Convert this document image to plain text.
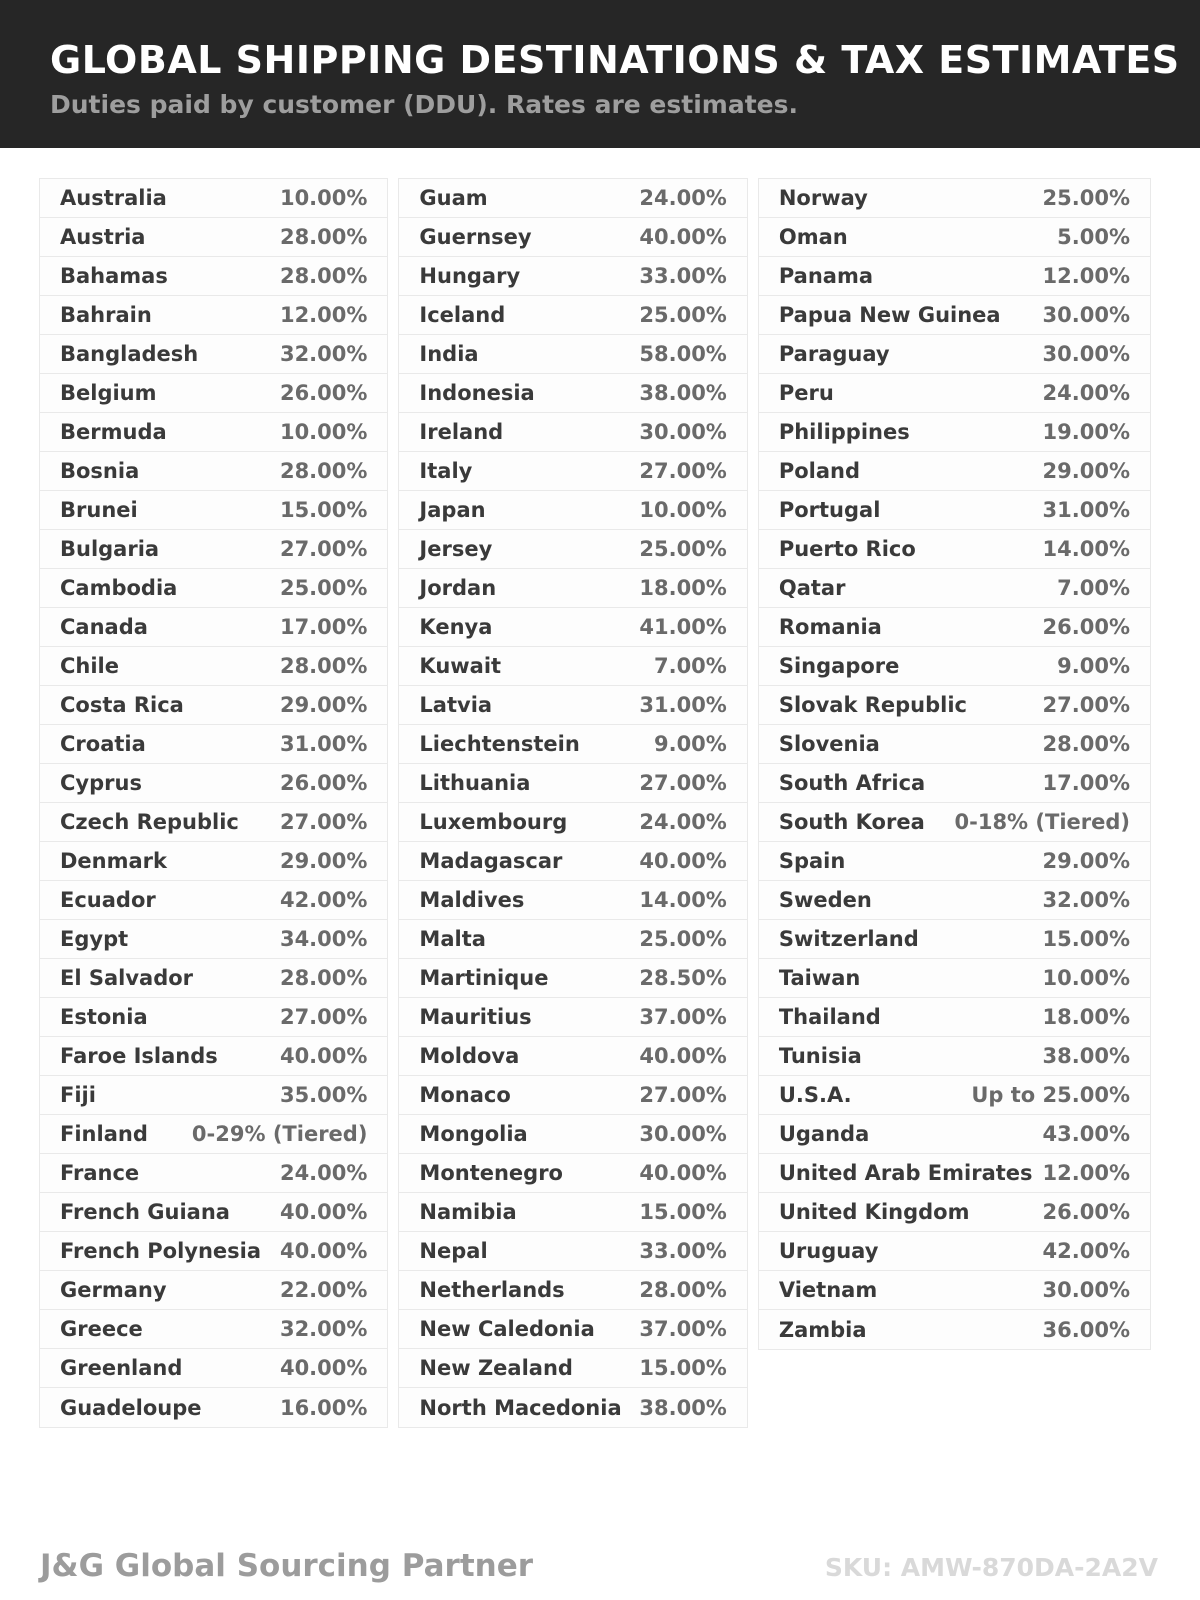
GLOBAL SHIPPING DESTINATIONS & TAX ESTIMATES
Duties paid by customer (DDU). Rates are estimates.
Australia	10.00%
Austria	28.00%
Bahamas	28.00%
Bahrain	12.00%
Bangladesh	32.00%
Belgium	26.00%
Bermuda	10.00%
Bosnia	28.00%
Brunei	15.00%
Bulgaria	27.00%
Cambodia	25.00%
Canada	17.00%
Chile	28.00%
Costa Rica	29.00%
Croatia	31.00%
Cyprus	26.00%
Czech Republic 27.00%
Denmark	29.00%
Ecuador	42.00%
Egypt	34.00%
El Salvador	28.00%
Estonia	27.00%
Faroe Islands	40.00%
Fiji	35.00%
Finland 0-29% (Tiered)
France	24.00%
French Guiana 40.00%
French Polynesia 40.00%
Germany	22.00%
Greece	32.00%
Greenland	40.00%
Guadeloupe	16.00%
Guam	24.00%
Guernsey	40.00%
Hungary	33.00%
Iceland	25.00%
India	58.00%
Indonesia	38.00%
Ireland	30.00%
Italy	27.00%
Japan	10.00%
Jersey	25.00%
Jordan	18.00%
Kenya	41.00%
Kuwait	7.00%
Latvia	31.00%
Liechtenstein	9.00%
Lithuania	27.00%
Luxembourg	24.00%
Madagascar	40.00%
Maldives	14.00%
Malta	25.00%
Martinique	28.50%
Mauritius	37.00%
Moldova	40.00%
Monaco	27.00%
Mongolia	30.00%
Montenegro	40.00%
Namibia	15.00%
Nepal	33.00%
Netherlands	28.00%
New Caledonia 37.00%
New Zealand	15.00%
North Macedonia 38.00%
Norway	25.00%
Oman	5.00%
Panama	12.00%
Papua New Guinea 30.00%
Paraguay	30.00%
Peru	24.00%
Philippines	19.00%
Poland	29.00%
Portugal	31.00%
Puerto Rico	14.00%
Qatar	7.00%
Romania	26.00%
Singapore	9.00%
Slovak Republic	27.00%
Slovenia	28.00%
South Africa	17.00%
South Korea 0-18% (Tiered)
Spain	29.00%
Sweden	32.00%
Switzerland	15.00%
Taiwan	10.00%
Thailand	18.00%
Tunisia	38.00%
U.S.A.	Up to 25.00%
Uganda	43.00%
United Arab Emirates 12.00%
United Kingdom	26.00%
Uruguay	42.00%
Vietnam	30.00%
Zambia	36.00%
J&G Global Sourcing Partner	SKU: AMW-870DA-2A2V
